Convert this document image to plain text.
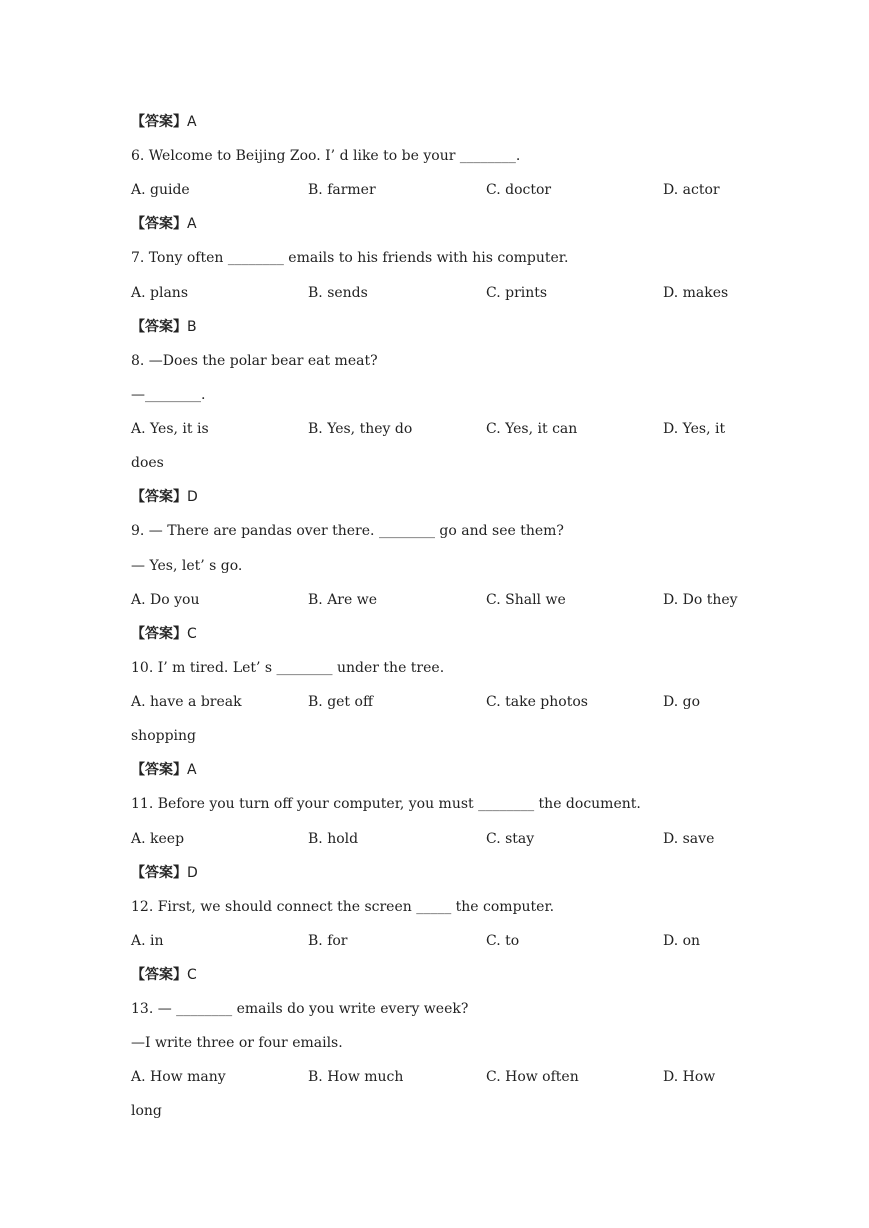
【答案】A
6. Welcome to Beijing Zoo. I’ d like to be your ________.
A. guide	B. farmer	C. doctor	D. actor
【答案】A
7. Tony often ________ emails to his friends with his computer.
A. plans	B. sends	C. prints	D. makes
【答案】B
8. —Does the polar bear eat meat?
—________.
A. Yes, it is	B. Yes, they do	C. Yes, it can	D. Yes, it
does
【答案】D
9. — There are pandas over there. ________ go and see them?
— Yes, let’ s go.
A. Do you	B. Are we	C. Shall we	D. Do they
【答案】C
10. I’ m tired. Let’ s ________ under the tree.
A. have a break	B. get off	C. take photos	D. go
shopping
【答案】A
11. Before you turn off your computer, you must ________ the document.
A. keep	B. hold	C. stay	D. save
【答案】D
12. First, we should connect the screen _____ the computer.
A. in	B. for	C. to	D. on
【答案】C
13. — ________ emails do you write every week?
—I write three or four emails.
A. How many	B. How much	C. How often	D. How
long
